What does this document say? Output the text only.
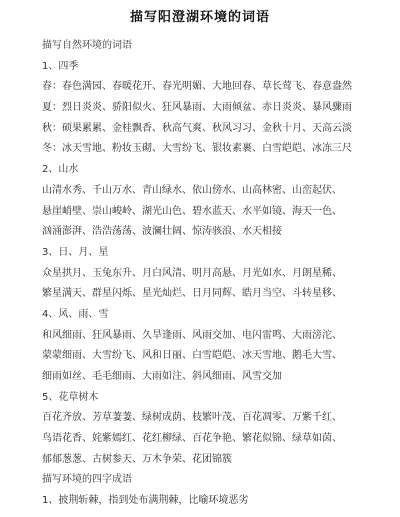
描写阳澄湖环境的词语
描写自然环境的词语
1、四季
春：春色满园、春暖花开、春光明媚、大地回春、草长莺飞、春意盎然
夏：烈日炎炎、骄阳似火、狂风暴雨、大雨倾盆、赤日炎炎、暴风骤雨
秋：硕果累累、金桂飘香、秋高气爽、秋风习习、金秋十月、天高云淡
冬：冰天雪地、粉妆玉砌、大雪纷飞、银妆素裹、白雪皑皑、冰冻三尺
2、山水
山清水秀、千山万水、青山绿水、依山傍水、山高林密、山峦起伏、
悬崖峭壁、崇山峻岭、湖光山色、碧水蓝天、水平如镜、海天一色、
汹涌澎湃、浩浩荡荡、波澜壮阔、惊涛骇浪、水天相接
3、日、月、星
众星拱月、玉兔东升、月白风清、明月高悬、月光如水、月朗星稀、
繁星满天、群星闪烁、星光灿烂、日月同辉、皓月当空、斗转星移、
4、风、雨、雪
和风细雨、狂风暴雨、久旱逢雨、风雨交加、电闪雷鸣、大雨滂沱、
蒙蒙细雨、大雪纷飞、风和日丽、白雪皑皑、冰天雪地、鹅毛大雪、
细雨如丝、毛毛细雨、大雨如注、斜风细雨、风雪交加
5、花草树木
百花齐放、芳草萋萋、绿树成荫、枝繁叶茂、百花凋零、万紫千红、
鸟语花香、姹紫嫣红、花红柳绿、百花争艳、繁花似锦、绿草如茵、
郁郁葱葱、古树参天、万木争荣、花团锦簇
描写环境的四字成语
1、披荆斩棘，指到处布满荆棘，比喻环境恶劣
